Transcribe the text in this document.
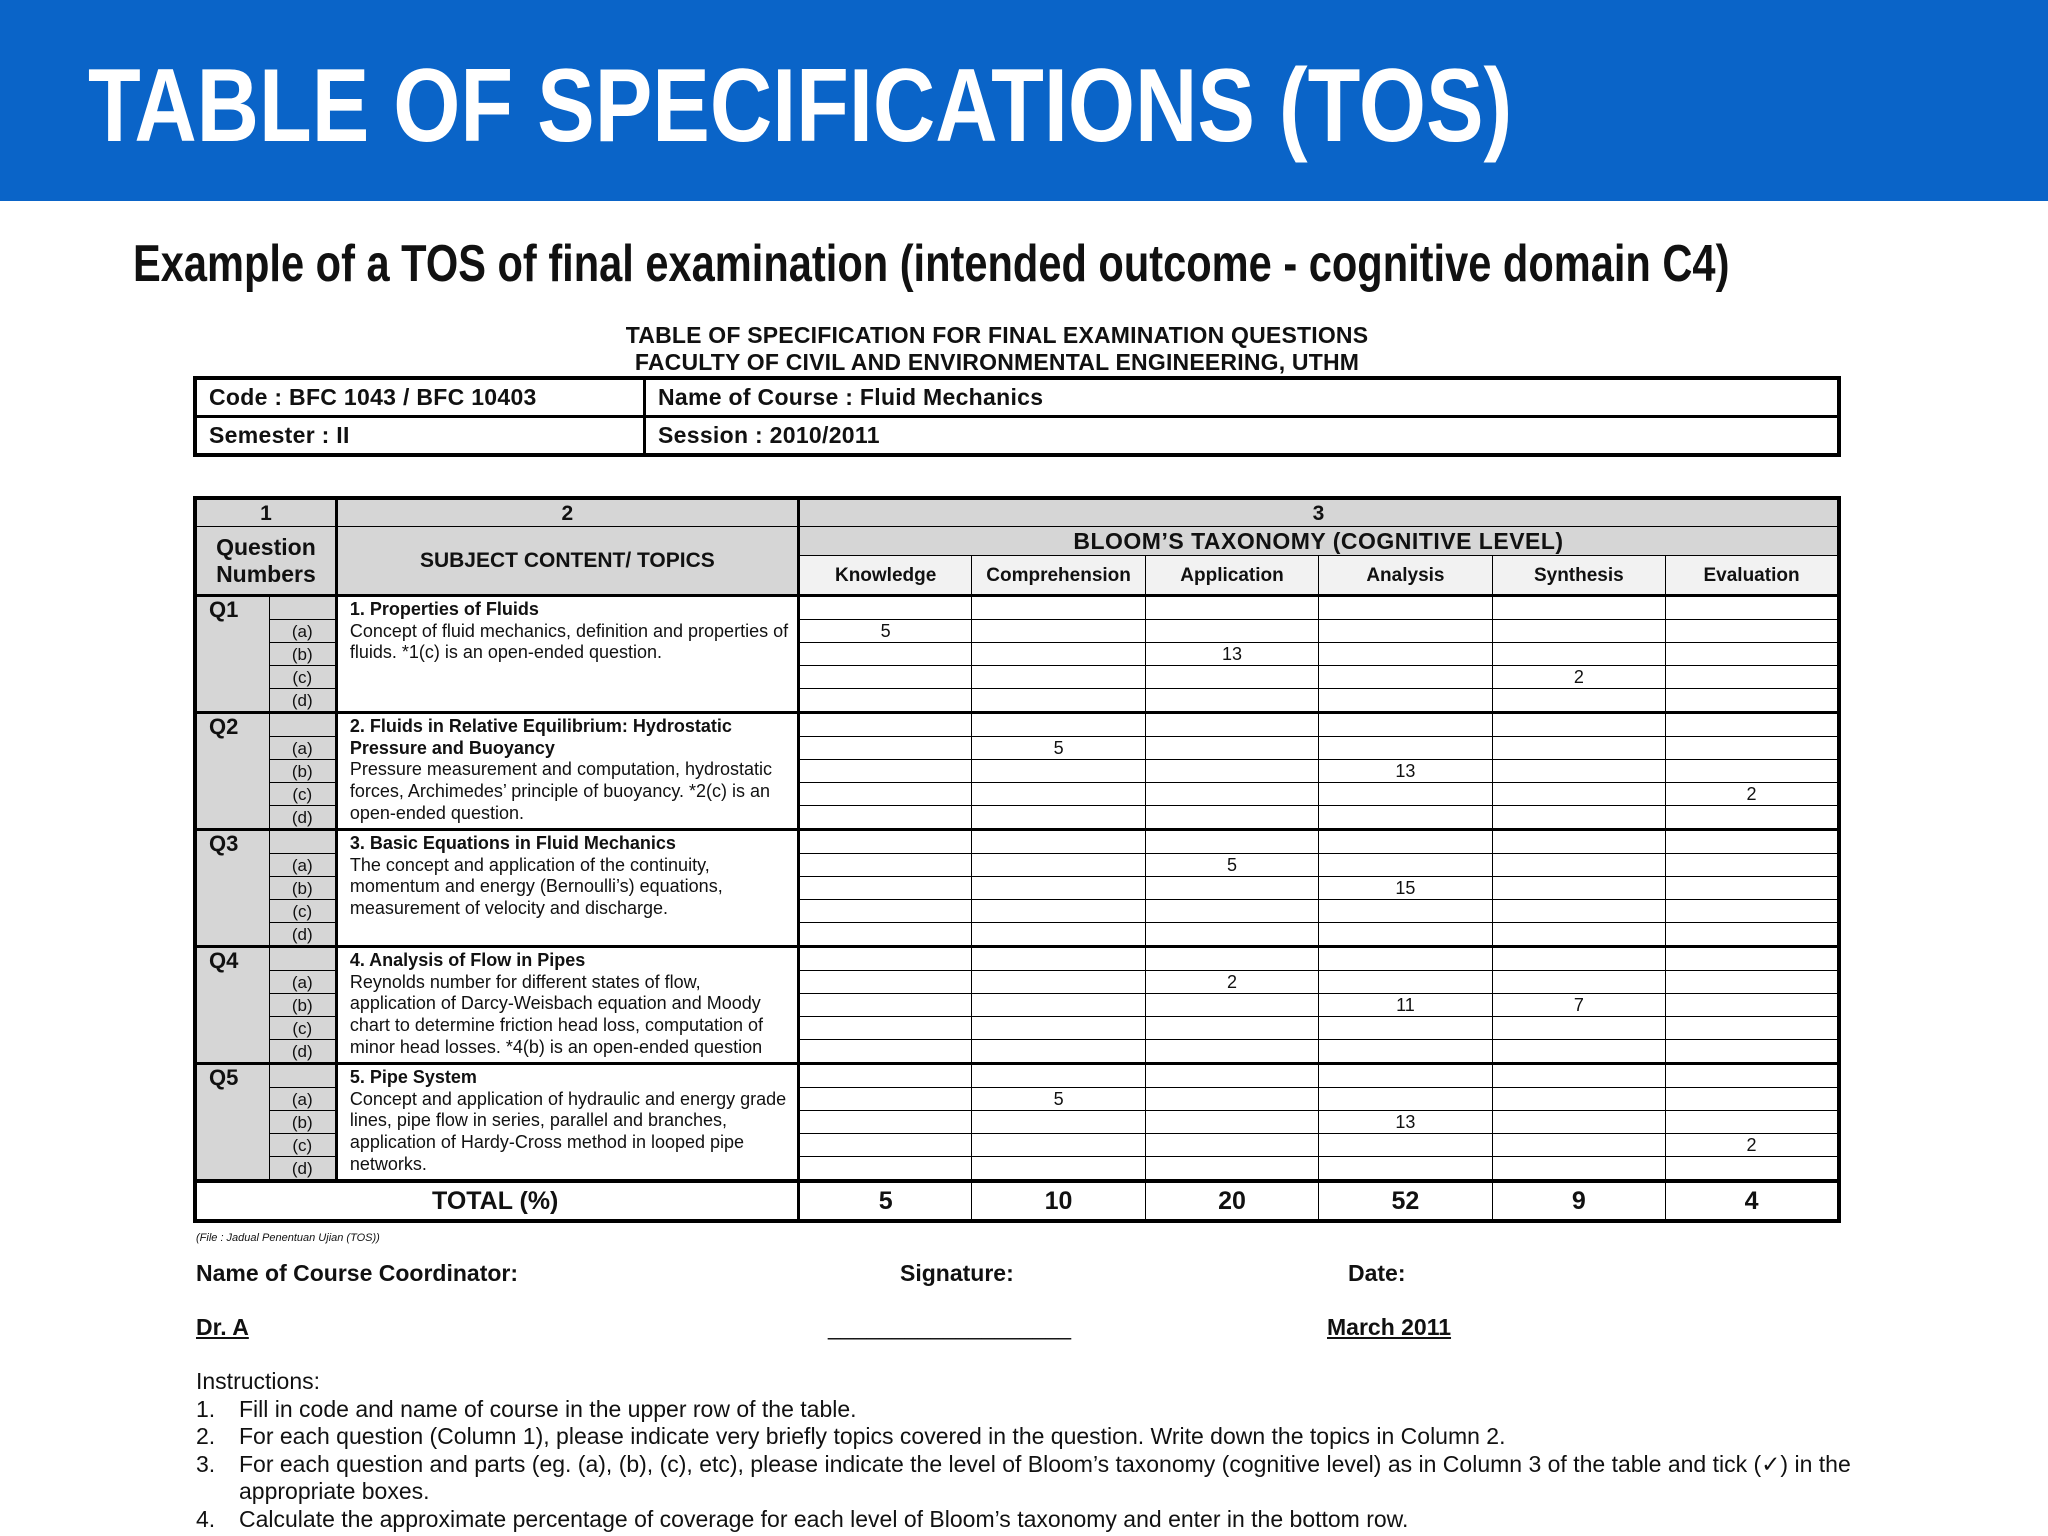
TABLE OF SPECIFICATIONS (TOS)
Example of a TOS of final examination (intended outcome - cognitive domain C4)
TABLE OF SPECIFICATION FOR FINAL EXAMINATION QUESTIONS
FACULTY OF CIVIL AND ENVIRONMENTAL ENGINEERING, UTHM
Code : BFC 1043 / BFC 10403	Name of Course : Fluid Mechanics
Semester : II	Session : 2010/2011
1		2	3					
Question Numbers		SUBJECT CONTENT/ TOPICS	BLOOM’S TAXONOMY (COGNITIVE LEVEL)					
			Knowledge	Comprehension	Application	Analysis	Synthesis	Evaluation
Q1		1. Properties of Fluids
Concept of fluid mechanics, definition and properties of fluids. *1(c) is an open-ended question.						
	(a)		5					
	(b)				13			
	(c)						2	
	(d)							
Q2		2. Fluids in Relative Equilibrium: Hydrostatic Pressure and Buoyancy
Pressure measurement and computation, hydrostatic forces, Archimedes’ principle of buoyancy. *2(c) is an open-ended question.						
	(a)			5				
	(b)					13		
	(c)							2
	(d)							
Q3		3. Basic Equations in Fluid Mechanics
The concept and application of the continuity, momentum and energy (Bernoulli’s) equations, measurement of velocity and discharge.						
	(a)				5			
	(b)					15		
	(c)							
	(d)							
Q4		4. Analysis of Flow in Pipes
Reynolds number for different states of flow, application of Darcy-Weisbach equation and Moody chart to determine friction head loss, computation of minor head losses. *4(b) is an open-ended question						
	(a)				2			
	(b)					11	7	
	(c)							
	(d)							
Q5		5. Pipe System
Concept and application of hydraulic and energy grade lines, pipe flow in series, parallel and branches, application of Hardy-Cross method in looped pipe networks.						
	(a)			5				
	(b)					13		
	(c)							2
	(d)							
TOTAL (%)			5	10	20	52	9	4
(File : Jadual Penentuan Ujian (TOS))
Name of Course Coordinator:	Signature:	Date:
Dr. A	___________________	March 2011

Instructions:

1. Fill in code and name of course in the upper row of the table.
2. For each question (Column 1), please indicate very briefly topics covered in the question. Write down the topics in Column 2.
3. For each question and parts (eg. (a), (b), (c), etc), please indicate the level of Bloom’s taxonomy (cognitive level) as in Column 3 of the table and tick (✓) in the appropriate boxes.
4. Calculate the approximate percentage of coverage for each level of Bloom’s taxonomy and enter in the bottom row.
